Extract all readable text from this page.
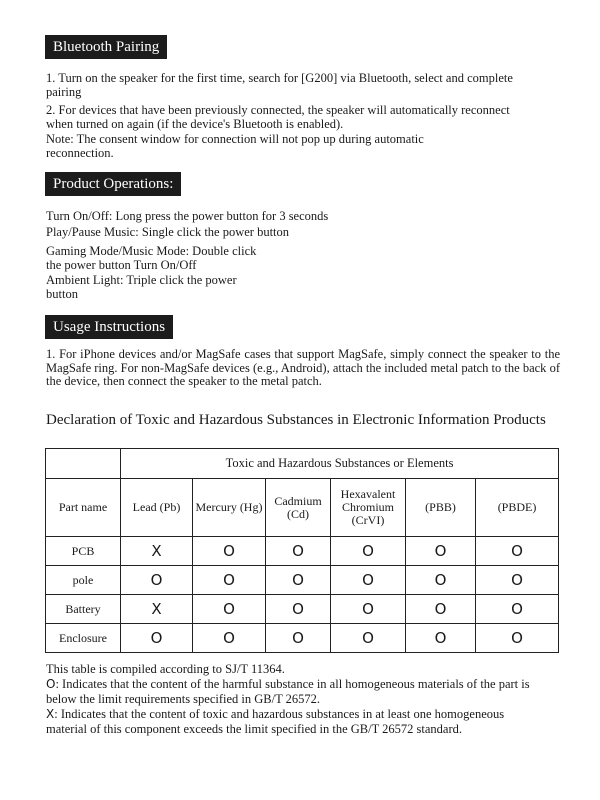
Bluetooth Pairing

1. Turn on the speaker for the first time, search for [G200] via Bluetooth, select and complete pairing

2. For devices that have been previously connected, the speaker will automatically reconnect when turned on again (if the device's Bluetooth is enabled).

Note: The consent window for connection will not pop up during automatic reconnection.

Product Operations:

Turn On/Off: Long press the power button for 3 seconds

Play/Pause Music: Single click the power button

Gaming Mode/Music Mode: Double click the power button Turn On/Off

Ambient Light: Triple click the power button

Usage Instructions

1. For iPhone devices and/or MagSafe cases that support MagSafe, simply connect the speaker to the MagSafe ring. For non-MagSafe devices (e.g., Android), attach the included metal patch to the back of the device, then connect the speaker to the metal patch.

Declaration of Toxic and Hazardous Substances in Electronic Information Products
	Toxic and Hazardous Substances or Elements					
Part name	Lead (Pb)	Mercury (Hg)	Cadmium (Cd)	Hexavalent Chromium (CrVI)	(PBB)	(PBDE)
PCB	X	O	O	O	O	O
pole	O	O	O	O	O	O
Battery	X	O	O	O	O	O
Enclosure	O	O	O	O	O	O

This table is compiled according to SJ/T 11364.

O: Indicates that the content of the harmful substance in all homogeneous materials of the part is below the limit requirements specified in GB/T 26572.

X: Indicates that the content of toxic and hazardous substances in at least one homogeneous material of this component exceeds the limit specified in the GB/T 26572 standard.
